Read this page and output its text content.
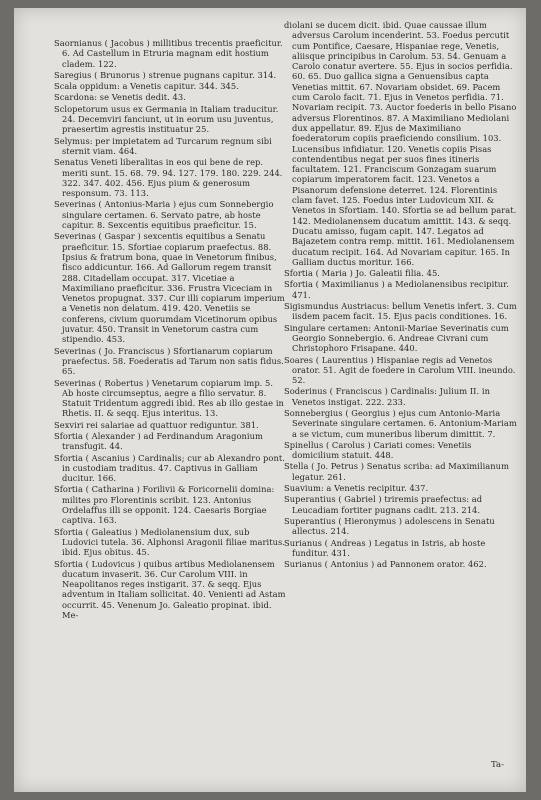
Saornianus ( Jacobus ) millitibus trecentis praeficitur. 6. Ad Castellum in Etruria magnam edit hostium cladem. 122.
Saregius ( Brunorus ) strenue pugnans capitur. 314.
Scala oppidum: a Venetis capitur. 344. 345.
Scardona: se Venetis dedit. 43.
Sclopetorum usus ex Germania in Italiam traducitur. 24. Decemviri fanciunt, ut in eorum usu juventus, praesertim agrestis instituatur 25.
Selymus: per impietatem ad Turcarum regnum sibi sternit viam. 464.
Senatus Veneti liberalitas in eos qui bene de rep. meriti sunt. 15. 68. 79. 94. 127. 179. 180. 229. 244. 322. 347. 402. 456. Ejus pium & generosum responsum. 73. 113.
Severinas ( Antonius-Maria ) ejus cum Sonnebergio singulare certamen. 6. Servato patre, ab hoste capitur. 8. Sexcentis equitibus praeficitur. 15.
Severinas ( Gaspar ) sexcentis equitibus a Senatu praeficitur. 15. Sfortiae copiarum praefectus. 88. Ipsius & fratrum bona, quae in Venetorum finibus, fisco addicuntur. 166. Ad Gallorum regem transit 288. Citadellam occupat. 317. Vicetiae a Maximiliano praeficitur. 336. Frustra Viceciam in Venetos propugnat. 337. Cur illi copiarum imperium a Venetis non delatum. 419. 420. Venetiis se conferens, civium quorumdam Vicetinorum opibus juvatur. 450. Transit in Venetorum castra cum stipendio. 453.
Severinas ( Jo. Franciscus ) Sfortianarum copiarum praefectus. 58. Foederatis ad Tarum non satis fidus. 65.
Severinas ( Robertus ) Venetarum copiarum imp. 5. Ab hoste circumseptus, aegre a filio servatur. 8. Statuit Tridentum aggredi ibid. Res ab illo gestae in Rhetis. II. & seqq. Ejus interitus. 13.
Sexviri rei salariae ad quattuor rediguntur. 381.
Sfortia ( Alexander ) ad Ferdinandum Aragonium transfugit. 44.
Sfortia ( Ascanius ) Cardinalis; cur ab Alexandro pont. in custodiam traditus. 47. Captivus in Galliam ducitur. 166.
Sfortia ( Catharina ) Forilivii & Foricornelii domina: milites pro Florentinis scribit. 123. Antonius Ordelaffus illi se opponit. 124. Caesaris Borgiae captiva. 163.
Sfortia ( Galeatius ) Mediolanensium dux, sub Ludovici tutela. 36. Alphonsi Aragonii filiae maritus. ibid. Ejus obitus. 45.
Sfortia ( Ludovicus ) quibus artibus Mediolanensem ducatum invaserit. 36. Cur Carolum VIII. in Neapolitanos reges instigarit. 37. & seqq. Ejus adventum in Italiam sollicitat. 40. Venienti ad Astam occurrit. 45. Venenum Jo. Galeatio propinat. ibid. Me-
diolani se ducem dicit. ibid. Quae caussae illum adversus Carolum incenderint. 53. Foedus percutit cum Pontifice, Caesare, Hispaniae rege, Venetis, aliisque principibus in Carolum. 53. 54. Genuam a Carolo conatur avertere. 55. Ejus in socios perfidia. 60. 65. Duo gallica signa a Genuensibus capta Venetias mittit. 67. Novariam obsidet. 69. Pacem cum Carolo facit. 71. Ejus in Venetos perfidia. 71. Novariam recipit. 73. Auctor foederis in bello Pisano adversus Florentinos. 87. A Maximiliano Mediolani dux appellatur. 89. Ejus de Maximiliano foederatorum copiis praeficiendo consilium. 103. Lucensibus infidiatur. 120. Venetis copiis Pisas contendentibus negat per suos fines itineris facultatem. 121. Franciscum Gonzagam suarum copiarum imperatorem facit. 123. Venetos a Pisanorum defensione deterret. 124. Florentinis clam favet. 125. Foedus inter Ludovicum XII. & Venetos in Sfortiam. 140. Sfortia se ad bellum parat. 142. Mediolanensem ducatum amittit. 143. & seqq. Ducatu amisso, fugam capit. 147. Legatos ad Bajazetem contra remp. mittit. 161. Mediolanensem ducatum recipit. 164. Ad Novariam capitur. 165. In Galliam ductus moritur. 166.
Sfortia ( Maria ) Jo. Galeatii filia. 45.
Sfortia ( Maximilianus ) a Mediolanensibus recipitur. 471.
Sigismundus Austriacus: bellum Venetis infert. 3. Cum iisdem pacem facit. 15. Ejus pacis conditiones. 16.
Singulare certamen: Antonii-Mariae Severinatis cum Georgio Sonnebergio. 6. Andreae Civrani cum Christophoro Frisapane. 440.
Soares ( Laurentius ) Hispaniae regis ad Venetos orator. 51. Agit de foedere in Carolum VIII. ineundo. 52.
Soderinus ( Franciscus ) Cardinalis: Julium II. in Venetos instigat. 222. 233.
Sonnebergius ( Georgius ) ejus cum Antonio-Maria Severinate singulare certamen. 6. Antonium-Mariam a se victum, cum muneribus liberum dimittit. 7.
Spinellus ( Carolus ) Cariati comes: Venetiis domicilium statuit. 448.
Stella ( Jo. Petrus ) Senatus scriba: ad Maximilianum legatur. 261.
Suavium: a Venetis recipitur. 437.
Superantius ( Gabriel ) triremis praefectus: ad Leucadiam fortiter pugnans cadit. 213. 214.
Superantius ( Hieronymus ) adolescens in Senatu allectus. 214.
Surianus ( Andreas ) Legatus in Istris, ab hoste funditur. 431.
Surianus ( Antonius ) ad Pannonem orator. 462.
Ta-
